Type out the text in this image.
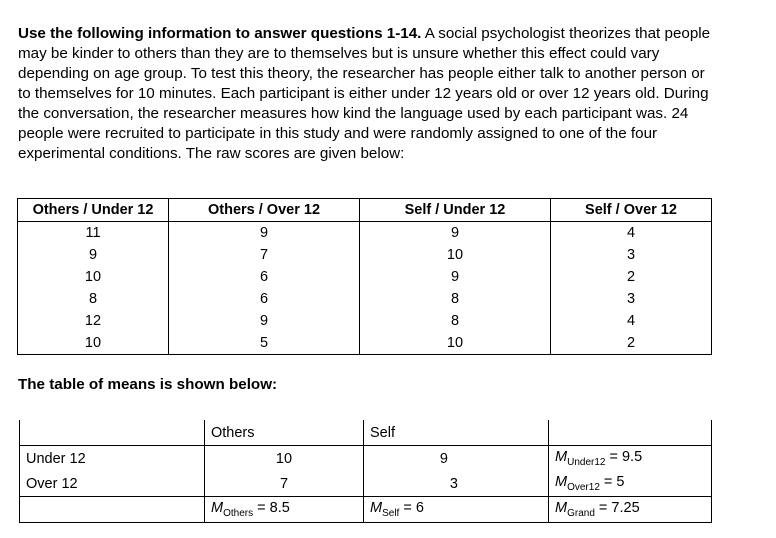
Use the following information to answer questions 1-14. A social psychologist theorizes that people may be kinder to others than they are to themselves but is unsure whether this effect could vary depending on age group. To test this theory, the researcher has people either talk to another person or to themselves for 10 minutes. Each participant is either under 12 years old or over 12 years old. During the conversation, the researcher measures how kind the language used by each participant was. 24 people were recruited to participate in this study and were randomly assigned to one of the four experimental conditions. The raw scores are given below:
Others / Under 12	Others / Over 12	Self / Under 12	Self / Over 12
11	9	9	4
9	7	10	3
10	6	9	2
8	6	8	3
12	9	8	4
10	5	10	2
The table of means is shown below:
	Others	Self	
Under 12	10	9	$M_{Under12} = 9.5$
Over 12	7	3	$M_{Over12} = 5$
	$M_{Others} = 8.5$	$M_{Self} = 6$	$M_{Grand} = 7.25$
